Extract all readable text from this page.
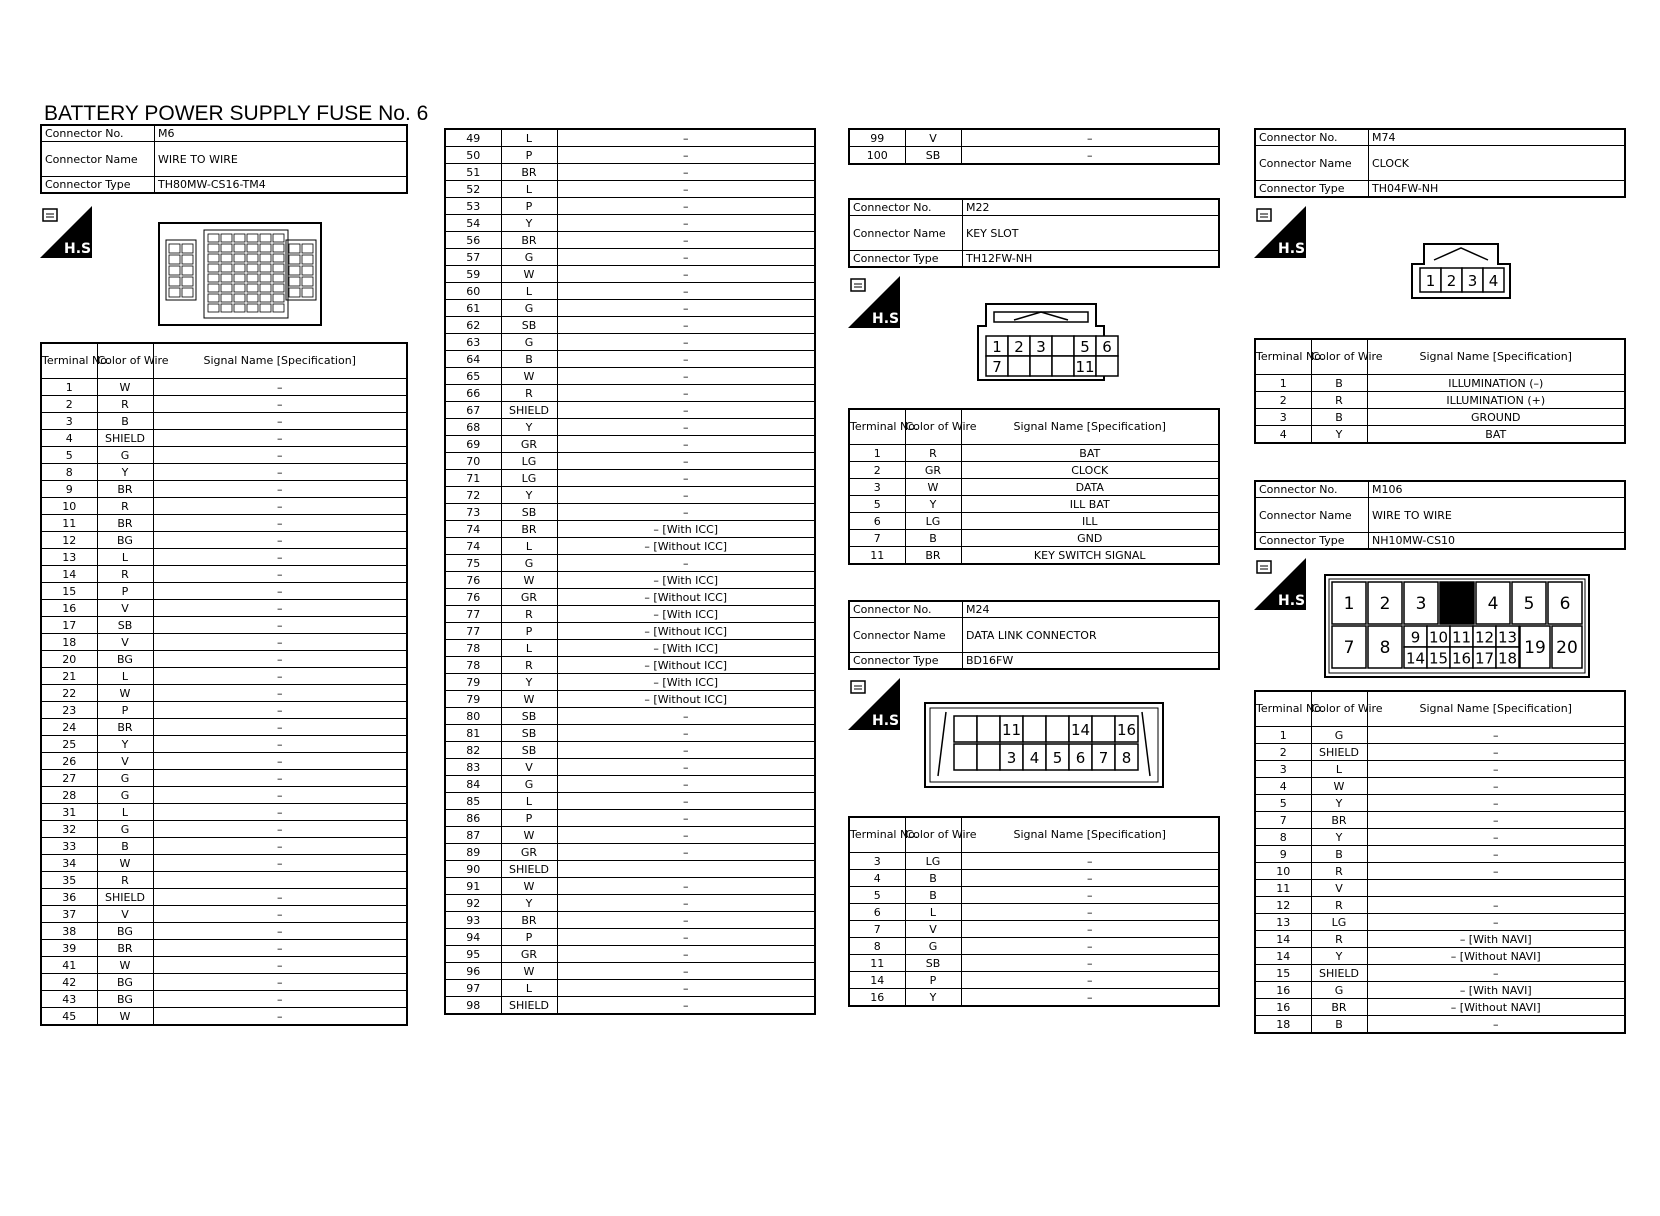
BATTERY POWER SUPPLY FUSE No. 6
Connector No.	M6
Connector Name	WIRE TO WIRE
Connector Type	TH80MW-CS16-TM4
H.S.
Terminal No.	Color of Wire	Signal Name [Specification]
1	W	–
2	R	–
3	B	–
4	SHIELD	–
5	G	–
8	Y	–
9	BR	–
10	R	–
11	BR	–
12	BG	–
13	L	–
14	R	–
15	P	–
16	V	–
17	SB	–
18	V	–
20	BG	–
21	L	–
22	W	–
23	P	–
24	BR	–
25	Y	–
26	V	–
27	G	–
28	G	–
31	L	–
32	G	–
33	B	–
34	W	–
35	R	
36	SHIELD	–
37	V	–
38	BG	–
39	BR	–
41	W	–
42	BG	–
43	BG	–
45	W	–
49	L	–
50	P	–
51	BR	–
52	L	–
53	P	–
54	Y	–
56	BR	–
57	G	–
59	W	–
60	L	–
61	G	–
62	SB	–
63	G	–
64	B	–
65	W	–
66	R	–
67	SHIELD	–
68	Y	–
69	GR	–
70	LG	–
71	LG	–
72	Y	–
73	SB	–
74	BR	– [With ICC]
74	L	– [Without ICC]
75	G	–
76	W	– [With ICC]
76	GR	– [Without ICC]
77	R	– [With ICC]
77	P	– [Without ICC]
78	L	– [With ICC]
78	R	– [Without ICC]
79	Y	– [With ICC]
79	W	– [Without ICC]
80	SB	–
81	SB	–
82	SB	–
83	V	–
84	G	–
85	L	–
86	P	–
87	W	–
89	GR	–
90	SHIELD	
91	W	–
92	Y	–
93	BR	–
94	P	–
95	GR	–
96	W	–
97	L	–
98	SHIELD	–
99	V	–
100	SB	–
Connector No.	M22
Connector Name	KEY SLOT
Connector Type	TH12FW-NH
H.S.
1 2 3 5 6
7	11
Terminal No.	Color of Wire	Signal Name [Specification]
1	R	BAT
2	GR	CLOCK
3	W	DATA
5	Y	ILL BAT
6	LG	ILL
7	B	GND
11	BR	KEY SWITCH SIGNAL
Connector No.	M24
Connector Name	DATA LINK CONNECTOR
Connector Type	BD16FW
H.S.	11	14 16
3 4 5 6 7 8
Terminal No.	Color of Wire	Signal Name [Specification]
3	LG	–
4	B	–
5	B	–
6	L	–
7	V	–
8	G	–
11	SB	–
14	P	–
16	Y	–
Connector No.	M74
Connector Name	CLOCK
Connector Type	TH04FW-NH
H.S.
1 2 3 4
Terminal No.	Color of Wire	Signal Name [Specification]
1	B	ILLUMINATION (–)
2	R	ILLUMINATION (+)
3	B	GROUND
4	Y	BAT
Connector No.	M106
Connector Name	WIRE TO WIRE
Connector Type	NH10MW-CS10
H.S. 1 2 3	4 5 6
7 8
9 10 11 12 13
14 15 16 17 18
19 20
Terminal No.	Color of Wire	Signal Name [Specification]
1	G	–
2	SHIELD	–
3	L	–
4	W	–
5	Y	–
7	BR	–
8	Y	–
9	B	–
10	R	–
11	V	
12	R	–
13	LG	–
14	R	– [With NAVI]
14	Y	– [Without NAVI]
15	SHIELD	–
16	G	– [With NAVI]
16	BR	– [Without NAVI]
18	B	–
